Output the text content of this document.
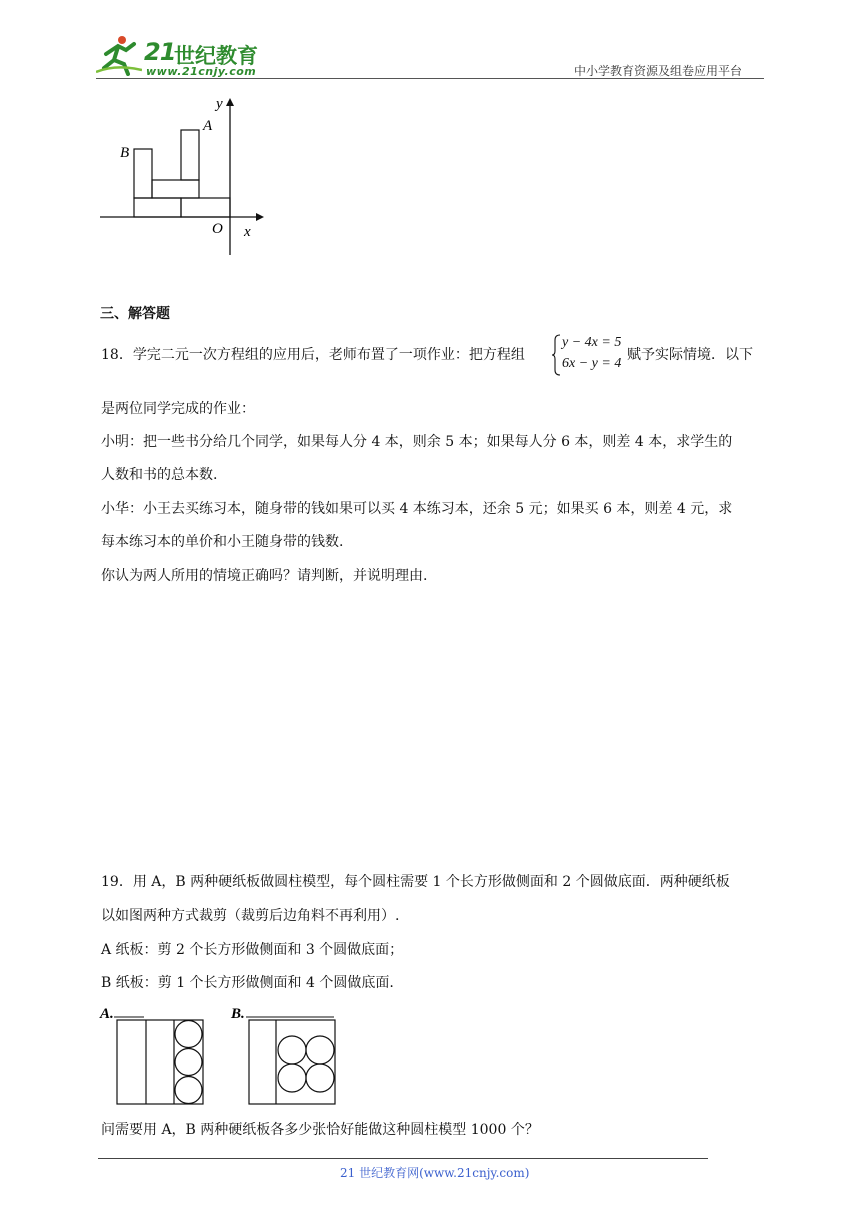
21
世纪教育
www.21cnjy.com	中小学教育资源及组卷应用平台
y
A
B
O x
三、解答题
18．学完二元一次方程组的应用后，老师布置了一项作业：把方程组
y − 4x = 5
6x − y = 4
赋予实际情境．以下
是两位同学完成的作业：
小明：把一些书分给几个同学，如果每人分 4 本，则余 5 本；如果每人分 6 本，则差 4 本，求学生的
人数和书的总本数.
小华：小王去买练习本，随身带的钱如果可以买 4 本练习本，还余 5 元；如果买 6 本，则差 4 元，求
每本练习本的单价和小王随身带的钱数.
你认为两人所用的情境正确吗？请判断，并说明理由.
19．用 A，B 两种硬纸板做圆柱模型，每个圆柱需要 1 个长方形做侧面和 2 个圆做底面．两种硬纸板
以如图两种方式裁剪（裁剪后边角料不再利用）.
A 纸板：剪 2 个长方形做侧面和 3 个圆做底面；
B 纸板：剪 1 个长方形做侧面和 4 个圆做底面.
A.	B.
问需要用 A，B 两种硬纸板各多少张恰好能做这种圆柱模型 1000 个？
21 世纪教育网(www.21cnjy.com)
